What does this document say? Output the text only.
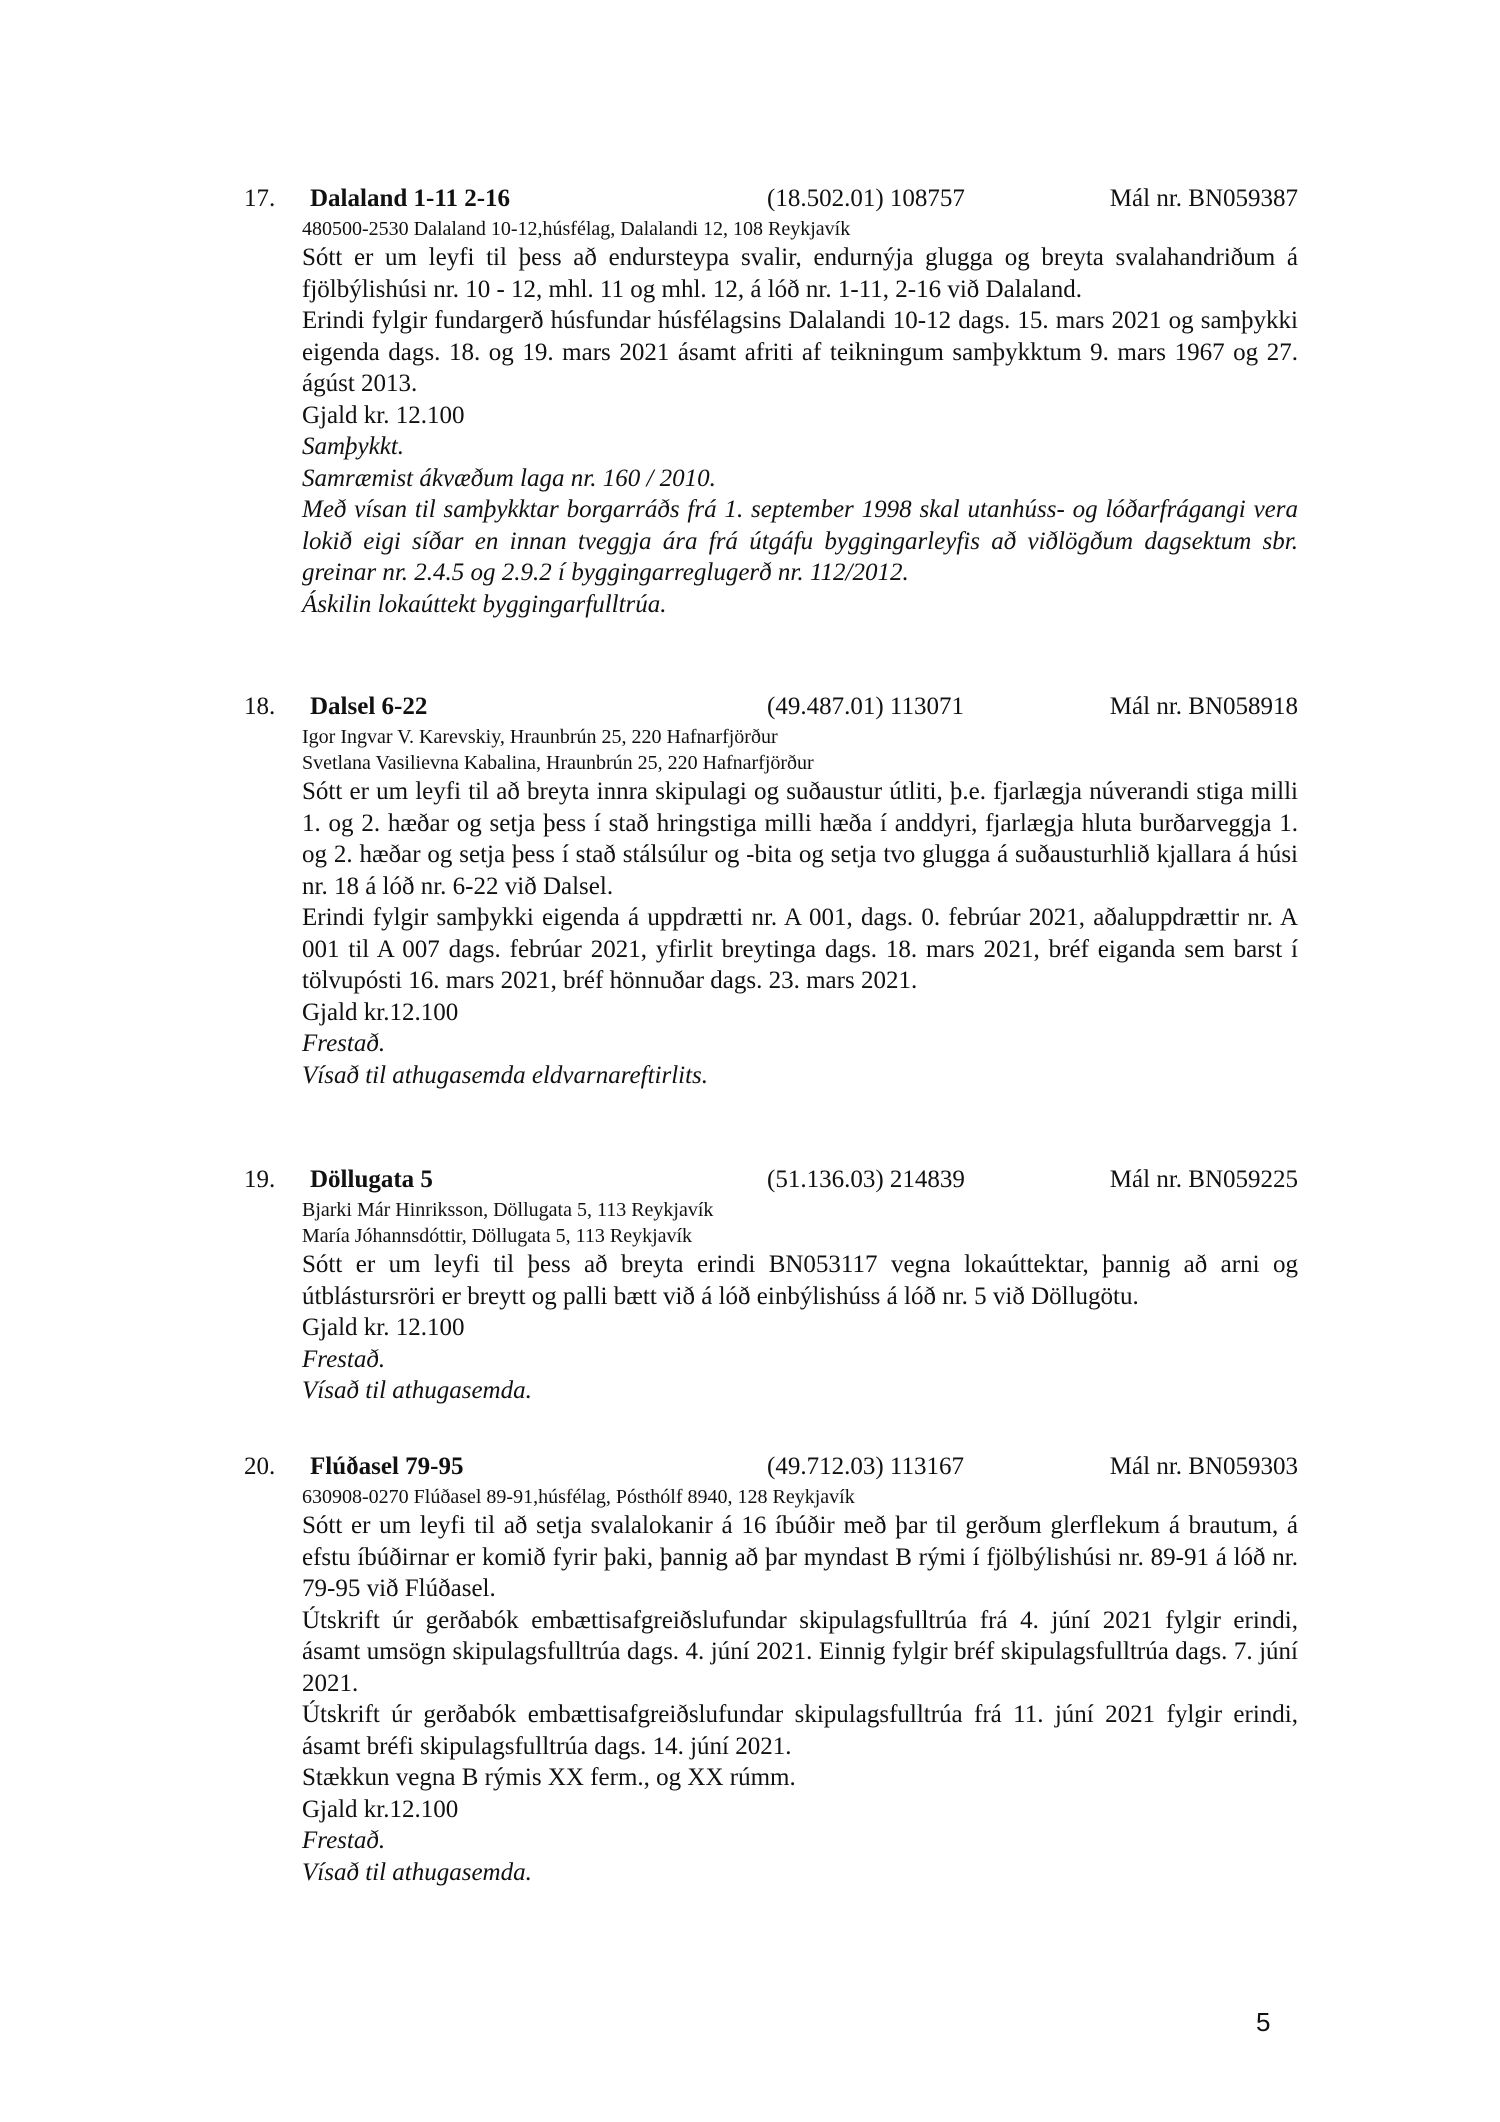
17. Dalaland 1-11 2-16	(18.502.01) 108757	Mál nr. BN059387
480500-2530 Dalaland 10-12,húsfélag, Dalalandi 12, 108 Reykjavík
Sótt er um leyfi til þess að endursteypa svalir, endurnýja glugga og breyta svalahandriðum á fjölbýlishúsi nr. 10 - 12, mhl. 11 og mhl. 12, á lóð nr. 1-11, 2-16 við Dalaland.
Erindi fylgir fundargerð húsfundar húsfélagsins Dalalandi 10-12 dags. 15. mars 2021 og samþykki eigenda dags. 18. og 19. mars 2021 ásamt afriti af teikningum samþykktum 9. mars 1967 og 27. ágúst 2013.
Gjald kr. 12.100
Samþykkt.
Samræmist ákvæðum laga nr. 160 / 2010.
Með vísan til samþykktar borgarráðs frá 1. september 1998 skal utanhúss- og lóðarfrágangi vera lokið eigi síðar en innan tveggja ára frá útgáfu byggingarleyfis að viðlögðum dagsektum sbr. greinar nr. 2.4.5 og 2.9.2 í byggingarreglugerð nr. 112/2012.
Áskilin lokaúttekt byggingarfulltrúa.
18. Dalsel 6-22	(49.487.01) 113071	Mál nr. BN058918
Igor Ingvar V. Karevskiy, Hraunbrún 25, 220 Hafnarfjörður
Svetlana Vasilievna Kabalina, Hraunbrún 25, 220 Hafnarfjörður
Sótt er um leyfi til að breyta innra skipulagi og suðaustur útliti, þ.e. fjarlægja núverandi stiga milli 1. og 2. hæðar og setja þess í stað hringstiga milli hæða í anddyri, fjarlægja hluta burðarveggja 1. og 2. hæðar og setja þess í stað stálsúlur og -bita og setja tvo glugga á suðausturhlið kjallara á húsi nr. 18 á lóð nr. 6-22 við Dalsel.
Erindi fylgir samþykki eigenda á uppdrætti nr. A 001, dags. 0. febrúar 2021, aðaluppdrættir nr. A 001 til A 007 dags. febrúar 2021, yfirlit breytinga dags. 18. mars 2021, bréf eiganda sem barst í tölvupósti 16. mars 2021, bréf hönnuðar dags. 23. mars 2021.
Gjald kr.12.100
Frestað.
Vísað til athugasemda eldvarnareftirlits.
19. Döllugata 5	(51.136.03) 214839	Mál nr. BN059225
Bjarki Már Hinriksson, Döllugata 5, 113 Reykjavík
María Jóhannsdóttir, Döllugata 5, 113 Reykjavík
Sótt er um leyfi til þess að breyta erindi BN053117 vegna lokaúttektar, þannig að arni og útblástursröri er breytt og palli bætt við á lóð einbýlishúss á lóð nr. 5 við Döllugötu.
Gjald kr. 12.100
Frestað.
Vísað til athugasemda.
20. Flúðasel 79-95	(49.712.03) 113167	Mál nr. BN059303
630908-0270 Flúðasel 89-91,húsfélag, Pósthólf 8940, 128 Reykjavík
Sótt er um leyfi til að setja svalalokanir á 16 íbúðir með þar til gerðum glerflekum á brautum, á efstu íbúðirnar er komið fyrir þaki, þannig að þar myndast B rými í fjölbýlishúsi nr. 89-91 á lóð nr. 79-95 við Flúðasel.
Útskrift úr gerðabók embættisafgreiðslufundar skipulagsfulltrúa frá 4. júní 2021 fylgir erindi, ásamt umsögn skipulagsfulltrúa dags. 4. júní 2021. Einnig fylgir bréf skipulagsfulltrúa dags. 7. júní 2021.
Útskrift úr gerðabók embættisafgreiðslufundar skipulagsfulltrúa frá 11. júní 2021 fylgir erindi, ásamt bréfi skipulagsfulltrúa dags. 14. júní 2021.
Stækkun vegna B rýmis XX ferm., og XX rúmm.
Gjald kr.12.100
Frestað.
Vísað til athugasemda.
5
